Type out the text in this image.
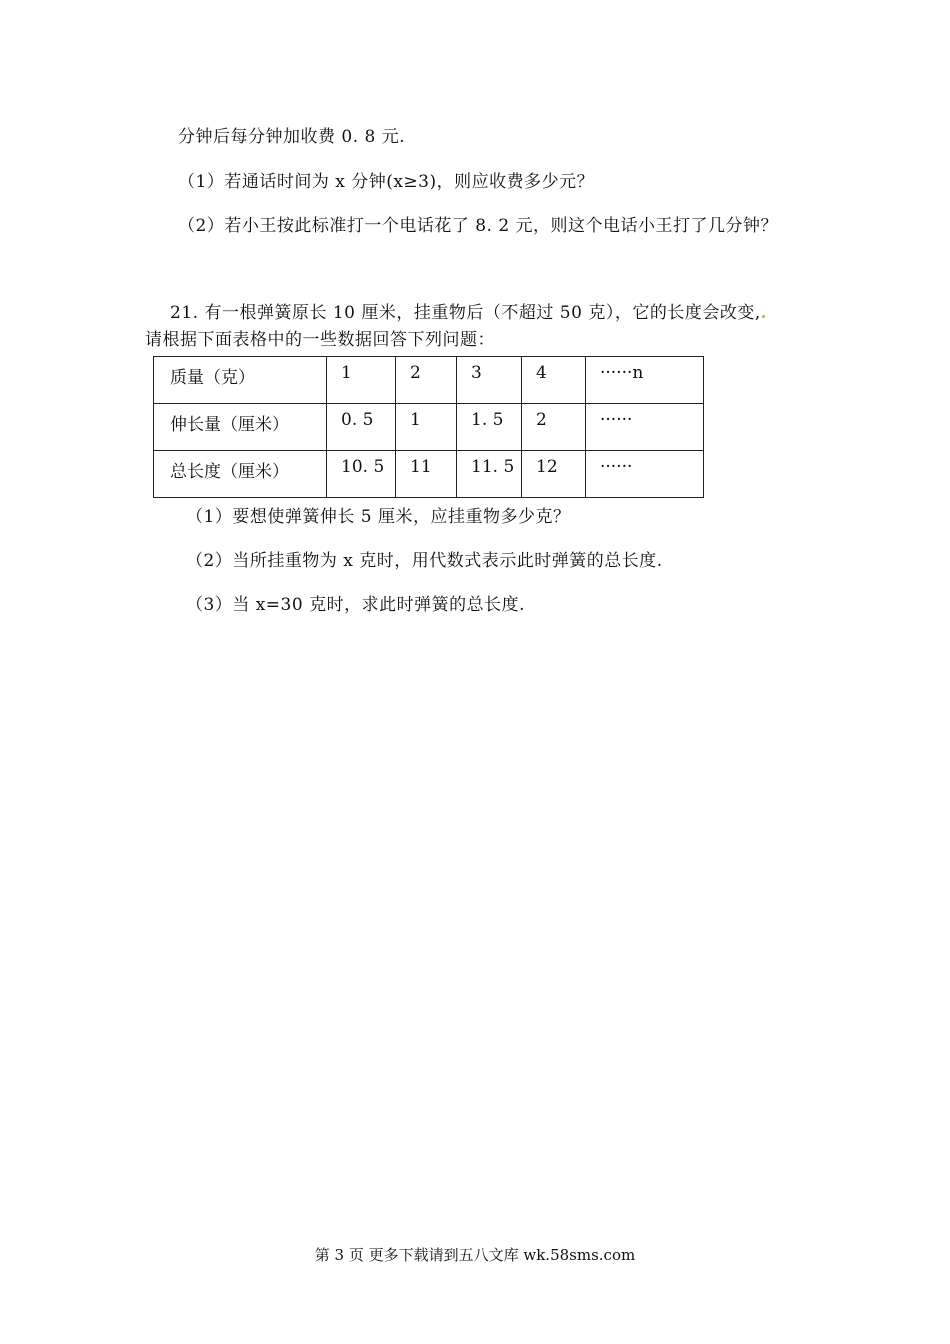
分钟后每分钟加收费 0. 8 元.
（1）若通话时间为 x 分钟(x≥3)，则应收费多少元？
（2）若小王按此标准打一个电话花了 8. 2 元，则这个电话小王打了几分钟？
21. 有一根弹簧原长 10 厘米，挂重物后（不超过 50 克），它的长度会改变,
请根据下面表格中的一些数据回答下列问题：
质量（克）	1	2	3	4	······n
伸长量（厘米）	0. 5	1	1. 5	2	······
总长度（厘米）	10. 5	11	11. 5	12	······
（1）要想使弹簧伸长 5 厘米，应挂重物多少克？
（2）当所挂重物为 x 克时，用代数式表示此时弹簧的总长度.
（3）当 x=30 克时，求此时弹簧的总长度.
第 3 页 更多下载请到五八文库 wk.58sms.com
